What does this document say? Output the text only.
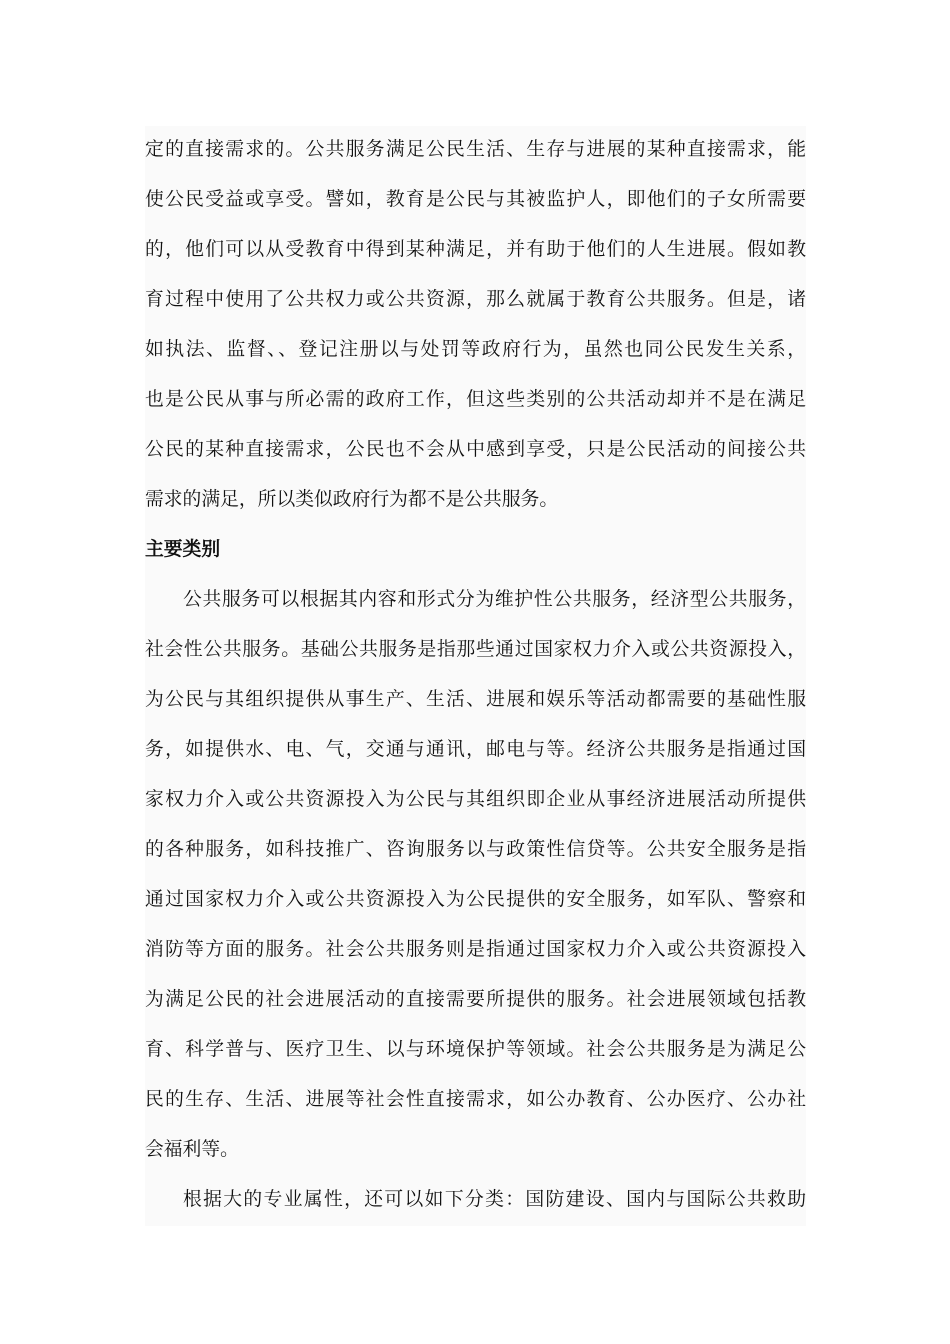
定的直接需求的。公共服务满足公民生活、生存与进展的某种直接需求，能

使公民受益或享受。譬如，教育是公民与其被监护人，即他们的子女所需要

的，他们可以从受教育中得到某种满足，并有助于他们的人生进展。假如教

育过程中使用了公共权力或公共资源，那么就属于教育公共服务。但是，诸

如执法、监督、、登记注册以与处罚等政府行为，虽然也同公民发生关系，

也是公民从事与所必需的政府工作，但这些类别的公共活动却并不是在满足

公民的某种直接需求，公民也不会从中感到享受，只是公民活动的间接公共

需求的满足，所以类似政府行为都不是公共服务。

主要类别

公共服务可以根据其内容和形式分为维护性公共服务，经济型公共服务，

社会性公共服务。基础公共服务是指那些通过国家权力介入或公共资源投入，

为公民与其组织提供从事生产、生活、进展和娱乐等活动都需要的基础性服

务，如提供水、电、气，交通与通讯，邮电与等。经济公共服务是指通过国

家权力介入或公共资源投入为公民与其组织即企业从事经济进展活动所提供

的各种服务，如科技推广、咨询服务以与政策性信贷等。公共安全服务是指

通过国家权力介入或公共资源投入为公民提供的安全服务，如军队、警察和

消防等方面的服务。社会公共服务则是指通过国家权力介入或公共资源投入

为满足公民的社会进展活动的直接需要所提供的服务。社会进展领域包括教

育、科学普与、医疗卫生、以与环境保护等领域。社会公共服务是为满足公

民的生存、生活、进展等社会性直接需求，如公办教育、公办医疗、公办社

会福利等。

根据大的专业属性，还可以如下分类：国防建设、国内与国际公共救助
